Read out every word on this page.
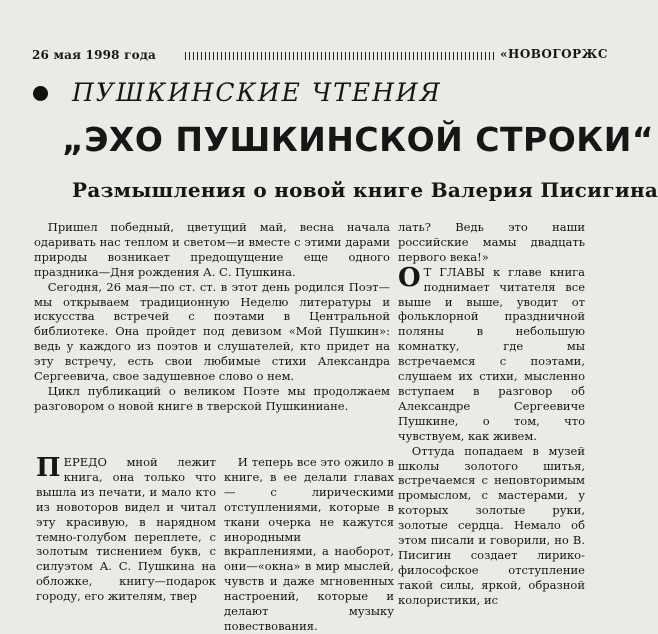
26 мая 1998 года	«НОВОГОРЖС
ПУШКИНСКИЕ ЧТЕНИЯ
„ЭХО ПУШКИНСКОЙ СТРОКИ“
Размышления о новой книге Валерия Писигина

Пришел победный, цветущий май, весна начала одаривать нас теплом и светом—и вместе с этими дарами природы возникает предощущение еще одного праздника—Дня рождения А. С. Пушкина.

Сегодня, 26 мая—по ст. ст. в этот день родился Поэт— мы открываем традиционную Неделю литературы и искусства встречей с поэтами в Центральной библиотеке. Она пройдет под девизом «Мой Пушкин»: ведь у каждого из поэтов и слушателей, кто придет на эту встречу, есть свои любимые стихи Александра Сергеевича, свое задушевное слово о нем.

Цикл публикаций о великом Поэте мы продолжаем разговором о новой книге в тверской Пушкиниане.

лать? Ведь это наши российские мамы двадцать первого века!»

О Т ГЛАВЫ к главе книга поднимает читателя все выше и выше, уводит от фольклорной праздничной поляны в небольшую комнатку, где мы встречаемся с поэтами, слушаем их стихи, мысленно вступаем в разговор об Александре Сергеевиче Пушкине, о том, что чувствуем, как живем.

Оттуда попадаем в музей школы золотого шитья, встречаемся с неповторимым промыслом, с мастерами, у которых золотые руки, золотые сердца. Немало об этом писали и говорили, но В. Писигин создает лирико-философское отступление такой силы, яркой, образной колористики, ис

ПЕРЕДО мной лежит книга, она только что вышла из печати, и мало кто из новоторов видел и читал эту красивую, в нарядном темно-голубом переплете, с золотым тиснением букв, с силуэтом А. С. Пушкина на обложке, книгу—подарок городу, его жителям, твер

И теперь все это ожило в книге, в ее делали главах — с лирическими отступлениями, которые в ткани очерка не кажутся инородными вкраплениями, а наоборот, они—«окна» в мир мыслей, чувств и даже мгновенных настроений, которые и делают музыку повествования.
